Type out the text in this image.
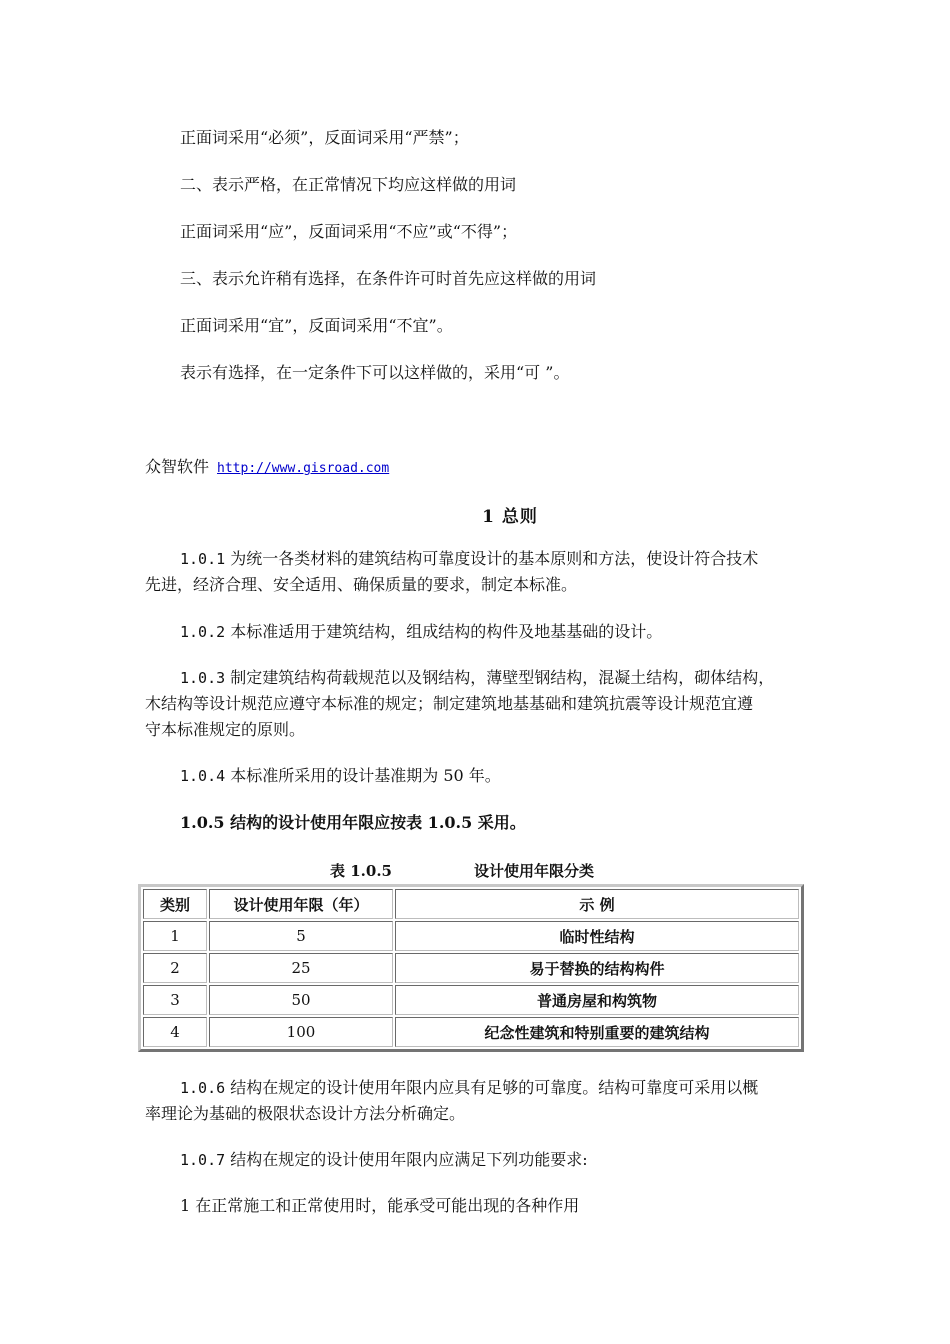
正面词采用“必须”，反面词采用“严禁”；
二、表示严格，在正常情况下均应这样做的用词
正面词采用“应”，反面词采用“不应”或“不得”；
三、表示允许稍有选择，在条件许可时首先应这样做的用词
正面词采用“宜”，反面词采用“不宜”。
表示有选择，在一定条件下可以这样做的，采用“可 ”。
众智软件 http://www.gisroad.com
1 总则
1.0.1 为统一各类材料的建筑结构可靠度设计的基本原则和方法，使设计符合技术
先进，经济合理、安全适用、确保质量的要求，制定本标准。
1.0.2 本标准适用于建筑结构，组成结构的构件及地基基础的设计。
1.0.3 制定建筑结构荷载规范以及钢结构，薄壁型钢结构，混凝土结构，砌体结构，
木结构等设计规范应遵守本标准的规定；制定建筑地基基础和建筑抗震等设计规范宜遵
守本标准规定的原则。
1.0.4 本标准所采用的设计基准期为 50 年。
1.0.5 结构的设计使用年限应按表 1.0.5 采用。
表 1.0.5	设计使用年限分类
类别	设计使用年限（年）	示 例
1	5	临时性结构
2	25	易于替换的结构构件
3	50	普通房屋和构筑物
4	100	纪念性建筑和特别重要的建筑结构
1.0.6 结构在规定的设计使用年限内应具有足够的可靠度。结构可靠度可采用以概
率理论为基础的极限状态设计方法分析确定。
1.0.7 结构在规定的设计使用年限内应满足下列功能要求:
1 在正常施工和正常使用时，能承受可能出现的各种作用
